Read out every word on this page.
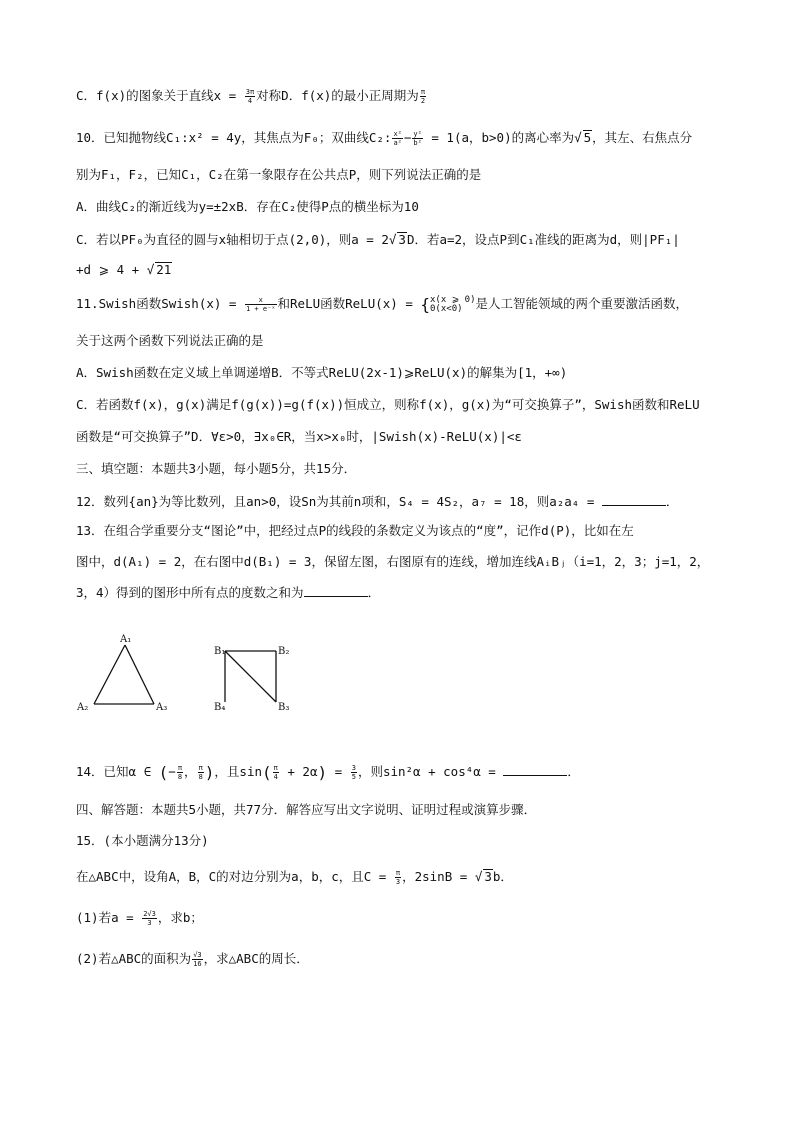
C．f(x)的图象关于直线$x = \frac{3\pi}{4}$ 对称D．f(x)的最小正周期为 $\frac{\pi}{2}$
10．已知抛物线C₁:x² = 4y，其焦点为F₀；双曲线C₂: $\frac{\text{x²}}{\text{a²}} - \frac{\text{y²}}{\text{b²}} = 1(a$，b>0)的离心率为√ 5，其左、右焦点分
别为F₁，F₂，已知C₁，C₂在第一象限存在公共点P，则下列说法正确的是
A．曲线C₂的渐近线为y=±2xB．存在C₂使得P点的横坐标为10
C．若以PF₀为直径的圆与x轴相切于点(2,0)，则a = 2√ 3D．若a=2，设点P到C₁准线的距离为d，则|PF₁|
+d ⩾ 4 + √ 21
11.Swish函数Swish(x) = $\frac{x}{\text{1 + e⁻ˣ}}$ 和ReLU函数ReLU(x) = { x(x ⩾ 0)
0(x<0)	是人工智能领域的两个重要激活函数，
关于这两个函数下列说法正确的是
A．Swish函数在定义域上单调递增B．不等式ReLU(2x-1)⩾ReLU(x)的解集为[1，+∞)
C．若函数f(x)，g(x)满足f(g(x))=g(f(x))恒成立，则称f(x)，g(x)为“可交换算子”，Swish函数和ReLU
函数是“可交换算子”D．∀ε>0，∃x₀∈R，当x>x₀时，|Swish(x)-ReLU(x)|<ε
三、填空题：本题共3小题，每小题5分，共15分．
12．数列{an}为等比数列，且an>0，设Sn为其前n项和，S₄ = 4S₂，a₇ = 18，则a₂a₄ =	．
13．在组合学重要分支“图论”中，把经过点P的线段的条数定义为该点的“度”，记作d(P)，比如在左
图中，d(A₁) = 2，在右图中d(B₁) = 3，保留左图，右图原有的连线，增加连线AᵢBⱼ（i=1，2，3；j=1，2，
3，4）得到的图形中所有点的度数之和为	．
A₁
A₂	A₃
B₁	B₂
B₃
B₄
14．已知α ∈ (− $\frac{\pi}{8}$ ， $\frac{\pi}{8}$ )，且$\sin( \frac{\pi}{4} + 2\alpha) = \frac{3}{5}$ ，则sin²α + cos⁴α =	．
四、解答题：本题共5小题，共77分．解答应写出文字说明、证明过程或演算步骤．
15．(本小题满分13分)
在△ABC中，设角A，B，C的对边分别为a，b，c，且$C = \frac{\pi}{3}$ ，2sinB = √ 3b．
(1)若$a = \frac{2√3}{3}$ ，求b；
(2)若△ABC的面积为 $\frac{√3}{16}$ ，求△ABC的周长．
